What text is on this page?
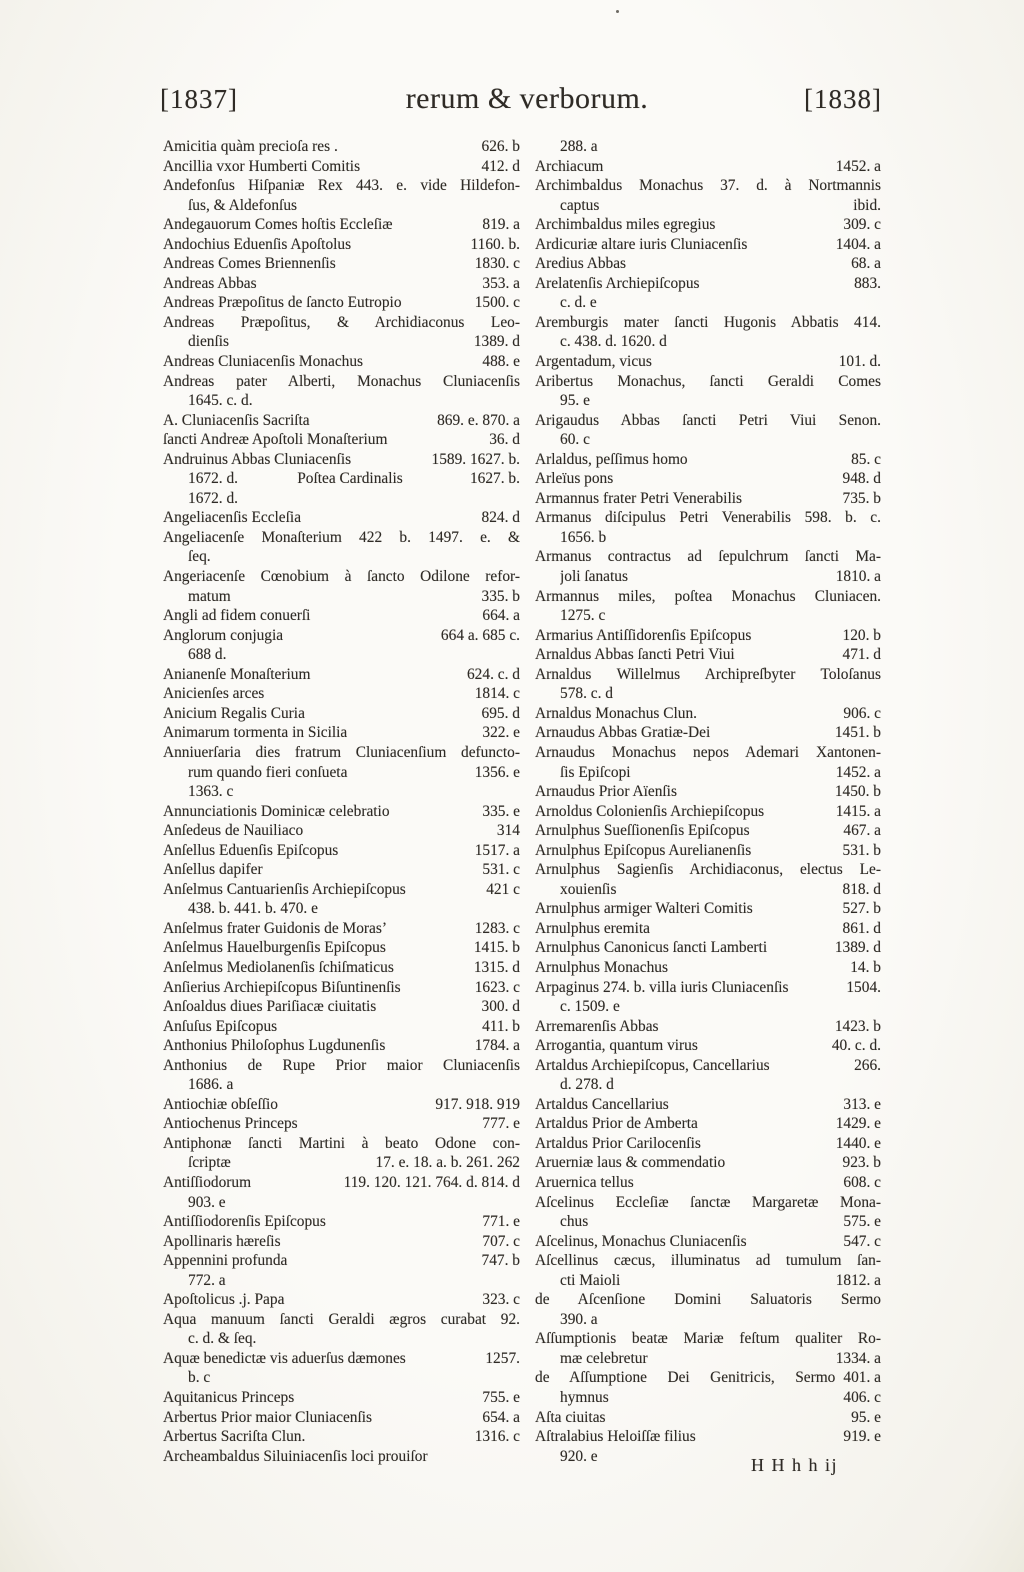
[1837]	rerum & verborum.	[1838]
Amicitia quàm precioſa res .	626. b
Ancillia vxor Humberti Comitis	412. d
Andefonſus Hiſpaniæ Rex 443. e. vide Hildefon-
ſus, & Aldefonſus
Andegauorum Comes hoſtis Eccleſiæ	819. a
Andochius Eduenſis Apoſtolus	1160. b.
Andreas Comes Briennenſis	1830. c
Andreas Abbas	353. a
Andreas Præpoſitus de ſancto Eutropio	1500. c
Andreas Præpoſitus, & Archidiaconus Leo-
dienſis	1389. d
Andreas Cluniacenſis Monachus	488. e
Andreas pater Alberti, Monachus Cluniacenſis
1645. c. d.
A. Cluniacenſis Sacriſta	869. e. 870. a
ſancti Andreæ Apoſtoli Monaſterium	36. d
Andruinus Abbas Cluniacenſis	1589. 1627. b.
1672. d.	Poſtea Cardinalis	1627. b.
1672. d.
Angeliacenſis Eccleſia	824. d
Angeliacenſe Monaſterium 422 b. 1497. e. &
ſeq.
Angeriacenſe Cœnobium à ſancto Odilone refor-
matum	335. b
Angli ad fidem conuerſi	664. a
Anglorum conjugia	664 a. 685 c.
688 d.
Anianenſe Monaſterium	624. c. d
Anicienſes arces	1814. c
Anicium Regalis Curia	695. d
Animarum tormenta in Sicilia	322. e
Anniuerſaria dies fratrum Cluniacenſium defuncto-
rum quando fieri conſueta	1356. e
1363. c
Annunciationis Dominicæ celebratio	335. e
Anſedeus de Nauiliaco	314
Anſellus Eduenſis Epiſcopus	1517. a
Anſellus dapifer	531. c
Anſelmus Cantuarienſis Archiepiſcopus	421 c
438. b. 441. b. 470. e
Anſelmus frater Guidonis de Moras’	1283. c
Anſelmus Hauelburgenſis Epiſcopus	1415. b
Anſelmus Mediolanenſis ſchiſmaticus	1315. d
Anſierius Archiepiſcopus Biſuntinenſis	1623. c
Anſoaldus diues Pariſiacæ ciuitatis	300. d
Anſuſus Epiſcopus	411. b
Anthonius Philoſophus Lugdunenſis	1784. a
Anthonius de Rupe Prior maior Cluniacenſis
1686. a
Antiochiæ obſeſſio	917. 918. 919
Antiochenus Princeps	777. e
Antiphonæ ſancti Martini à beato Odone con-
ſcriptæ	17. e. 18. a. b. 261. 262
Antiſſiodorum	119. 120. 121. 764. d. 814. d
903. e
Antiſſiodorenſis Epiſcopus	771. e
Apollinaris hæreſis	707. c
Appennini profunda	747. b
772. a
Apoſtolicus .j. Papa	323. c
Aqua manuum ſancti Geraldi ægros curabat 92.
c. d. & ſeq.
Aquæ benedictæ vis aduerſus dæmones	1257.
b. c
Aquitanicus Princeps	755. e
Arbertus Prior maior Cluniacenſis	654. a
Arbertus Sacriſta Clun.	1316. c
Archeambaldus Siluiniacenſis loci prouiſor
288. a
Archiacum	1452. a
Archimbaldus Monachus 37. d. à Nortmannis
captus	ibid.
Archimbaldus miles egregius	309. c
Ardicuriæ altare iuris Cluniacenſis	1404. a
Aredius Abbas	68. a
Arelatenſis Archiepiſcopus	883.
c. d. e
Aremburgis mater ſancti Hugonis Abbatis 414.
c. 438. d. 1620. d
Argentadum, vicus	101. d.
Aribertus Monachus, ſancti Geraldi Comes
95. e
Arigaudus Abbas ſancti Petri Viui Senon.
60. c
Arlaldus, peſſimus homo	85. c
Arleïus pons	948. d
Armannus frater Petri Venerabilis	735. b
Armanus diſcipulus Petri Venerabilis 598. b. c.
1656. b
Armanus contractus ad ſepulchrum ſancti Ma-
joli ſanatus	1810. a
Armannus miles, poſtea Monachus Cluniacen.
1275. c
Armarius Antiſſidorenſis Epiſcopus	120. b
Arnaldus Abbas ſancti Petri Viui	471. d
Arnaldus Willelmus Archipreſbyter Toloſanus
578. c. d
Arnaldus Monachus Clun.	906. c
Arnaudus Abbas Gratiæ-Dei	1451. b
Arnaudus Monachus nepos Ademari Xantonen-
ſis Epiſcopi	1452. a
Arnaudus Prior Aïenſis	1450. b
Arnoldus Colonienſis Archiepiſcopus	1415. a
Arnulphus Sueſſionenſis Epiſcopus	467. a
Arnulphus Epiſcopus Aurelianenſis	531. b
Arnulphus Sagienſis Archidiaconus, electus Le-
xouienſis	818. d
Arnulphus armiger Walteri Comitis	527. b
Arnulphus eremita	861. d
Arnulphus Canonicus ſancti Lamberti	1389. d
Arnulphus Monachus	14. b
Arpaginus 274. b. villa iuris Cluniacenſis	1504.
c. 1509. e
Arremarenſis Abbas	1423. b
Arrogantia, quantum virus	40. c. d.
Artaldus Archiepiſcopus, Cancellarius	266.
d. 278. d
Artaldus Cancellarius	313. e
Artaldus Prior de Amberta	1429. e
Artaldus Prior Carilocenſis	1440. e
Aruerniæ laus & commendatio	923. b
Aruernica tellus	608. c
Aſcelinus Eccleſiæ ſanctæ Margaretæ Mona-
chus	575. e
Aſcelinus, Monachus Cluniacenſis	547. c
Aſcellinus cæcus, illuminatus ad tumulum ſan-
cti Maioli	1812. a
de Aſcenſione Domini Saluatoris Sermo
390. a
Aſſumptionis beatæ Mariæ feſtum qualiter Ro-
mæ celebretur	1334. a
de Aſſumptione Dei Genitricis, Sermo 401. a
hymnus	406. c
Aſta ciuitas	95. e
Aſtralabius Heloiſſæ filius	919. e
920. e	H H h h ij
